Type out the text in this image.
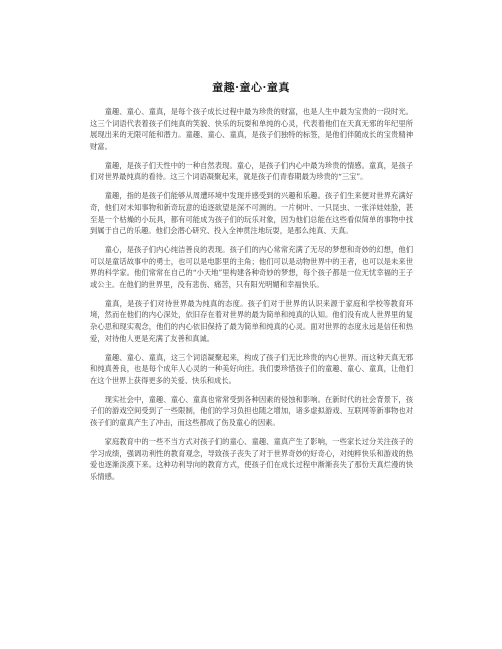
童趣·童心·童真

童趣、童心、童真，是每个孩子成长过程中最为珍贵的财富，也是人生中最为宝贵的一段时光。这三个词语代表着孩子们纯真的笑貌、快乐的玩耍和单纯的心灵，代表着他们在天真无邪的年纪里所展现出来的无限可能和潜力。童趣、童心、童真，是孩子们独特的标签，是他们伴随成长的宝贵精神财富。

童趣，是孩子们天性中的一种自然表现。童心，是孩子们内心中最为珍贵的情感。童真，是孩子们对世界最纯真的看待。这三个词语凝聚起来，就是孩子们青春期最为珍贵的“三宝”。

童趣，指的是孩子们能够从周遭环境中发现并感受到的兴趣和乐趣。孩子们生来便对世界充满好奇，他们对未知事物和新奇玩意的追逐欲望是深不可测的。一片树叶、一只昆虫、一张洋娃娃脸，甚至是一个枯燥的小玩具，都有可能成为孩子们的玩乐对象，因为他们总能在这些看似简单的事物中找到属于自己的乐趣。他们会潜心研究、投入全神贯注地玩耍，是那么纯真、天真。

童心，是孩子们内心纯洁善良的表现。孩子们的内心常常充满了无尽的梦想和奇妙的幻想，他们可以是童话故事中的勇士，也可以是电影里的主角；他们可以是动物世界中的王者，也可以是未来世界的科学家。他们常常在自己的“小天地”里构建各种奇妙的梦想，每个孩子都是一位无忧幸福的王子或公主。在他们的世界里，没有悲伤、痛苦，只有阳光明媚和幸福快乐。

童真，是孩子们对待世界最为纯真的态度。孩子们对于世界的认识来源于家庭和学校等教育环境，然而在他们的内心深处，依旧存在着对世界的最为简单和纯真的认知。他们没有成人世界里的复杂心思和现实观念，他们的内心依旧保持了最为简单和纯真的心灵。面对世界的态度永远是信任和热爱，对待他人更是充满了友善和真诚。

童趣、童心、童真，这三个词语凝聚起来，构成了孩子们无比珍贵的内心世界。而这种天真无邪和纯真善良，也是每个成年人心灵的一种美好向往。我们要珍惜孩子们的童趣、童心、童真，让他们在这个世界上获得更多的关爱、快乐和成长。

现实社会中，童趣、童心、童真也常常受到各种因素的侵蚀和影响。在新时代的社会背景下，孩子们的游戏空间受到了一些限制，他们的学习负担也随之增加，诸多虚拟游戏、互联网等新事物也对孩子们的童真产生了冲击，而这些都成了伤及童心的因素。

家庭教育中的一些不当方式对孩子们的童心、童趣、童真产生了影响，一些家长过分关注孩子的学习成绩，强调功利性的教育观念，导致孩子丧失了对于世界奇妙的好奇心，对纯粹快乐和游戏的热爱也逐渐淡漠下来。这种功利导向的教育方式，使孩子们在成长过程中渐渐丧失了那份天真烂漫的快乐情感。
